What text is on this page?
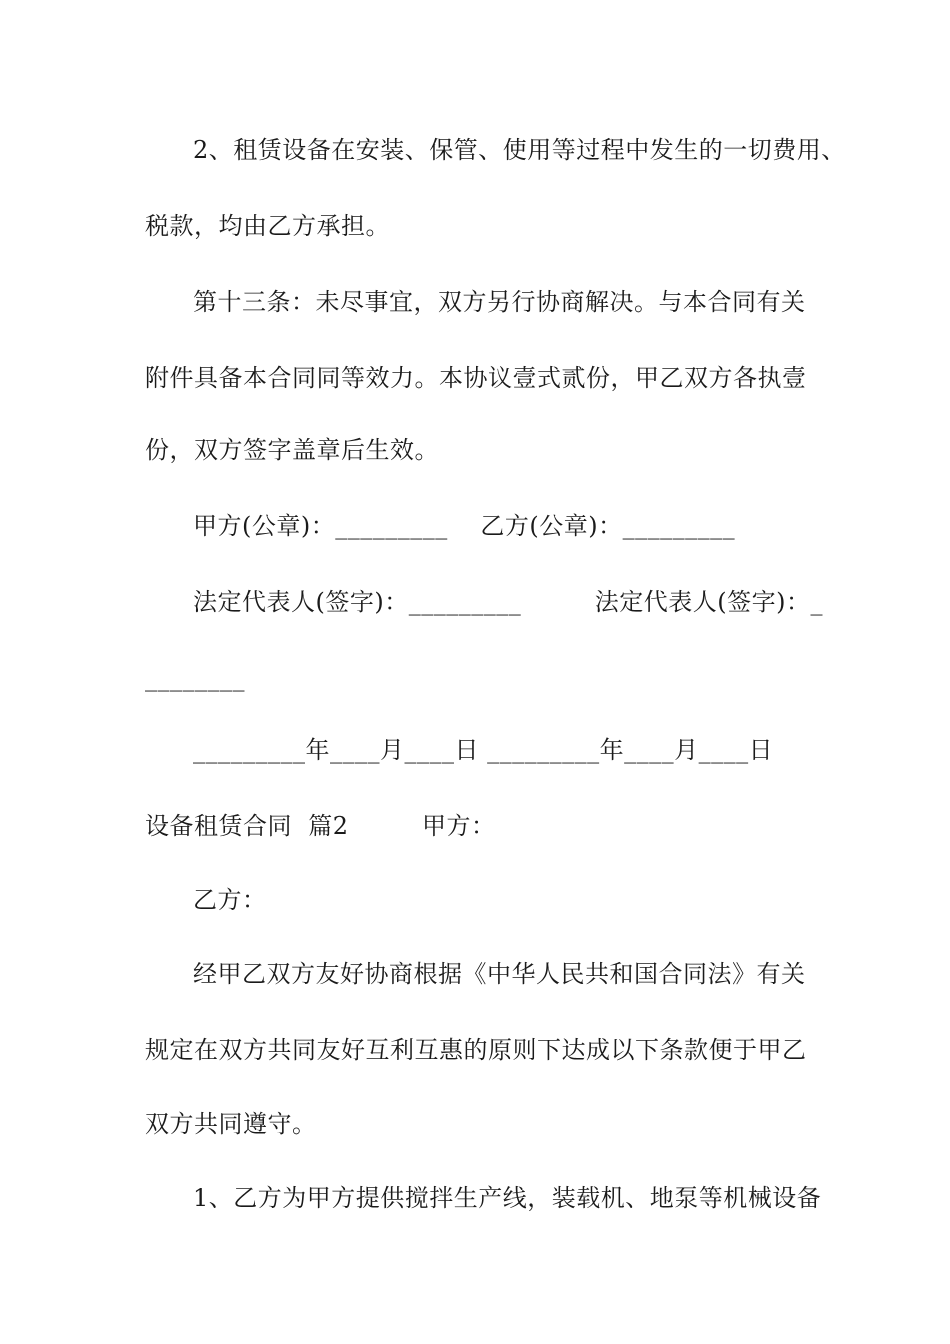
2、租赁设备在安装、保管、使用等过程中发生的一切费用、
税款，均由乙方承担。
第十三条：未尽事宜，双方另行协商解决。与本合同有关
附件具备本合同同等效力。本协议壹式贰份，甲乙双方各执壹
份，双方签字盖章后生效。
甲方(公章)：_________　 乙方(公章)：_________
法定代表人(签字)：_________　　　法定代表人(签字)：_
________
_________年____月____日 _________年____月____日
设备租赁合同  篇2　　　甲方：
乙方：
经甲乙双方友好协商根据《中华人民共和国合同法》有关
规定在双方共同友好互利互惠的原则下达成以下条款便于甲乙
双方共同遵守。
1、乙方为甲方提供搅拌生产线，装载机、地泵等机械设备
